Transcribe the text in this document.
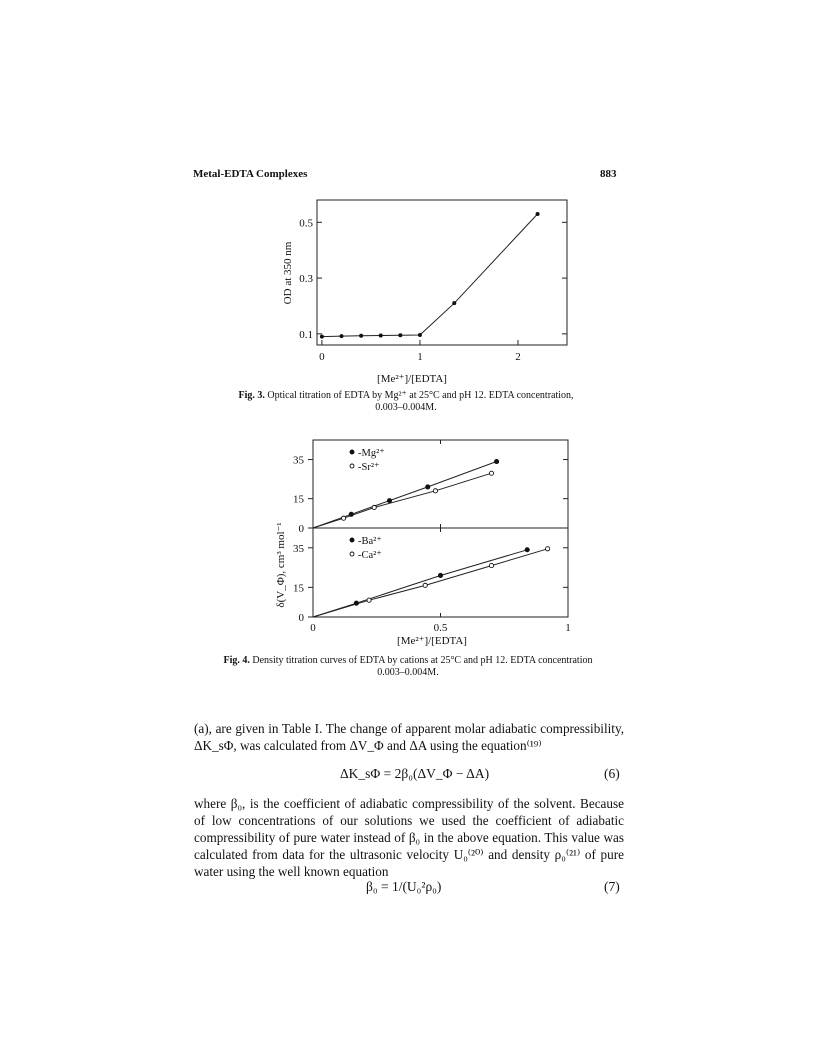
Metal-EDTA Complexes	883
0	1	2
0.1
0.3
0.5
OD at 350 nm
[Me²⁺]/[EDTA]
Fig. 3. Optical titration of EDTA by Mg²⁺ at 25°C and pH 12. EDTA concentration,
0.003–0.004M.
0
15
35
0
15
35
0	0.5	1
-Mg²⁺
-Sr²⁺
-Ba²⁺
-Ca²⁺
δ(V_Φ), cm³ mol⁻¹
[Me²⁺]/[EDTA]
Fig. 4. Density titration curves of EDTA by cations at 25°C and pH 12. EDTA concentration
0.003–0.004M.
(a), are given in Table I. The change of apparent molar adiabatic compressibility, ΔK_sΦ, was calculated from ΔV_Φ and ΔA using the equation⁽¹⁹⁾
ΔK_sΦ = 2β₀(ΔV_Φ − ΔA)	(6)
where β₀, is the coefficient of adiabatic compressibility of the solvent. Because of low concentrations of our solutions we used the coefficient of adiabatic compressibility of pure water instead of β₀ in the above equation. This value was calculated from data for the ultrasonic velocity U₀⁽²⁰⁾ and density ρ₀⁽²¹⁾ of pure water using the well known equation
β₀ = 1/(U₀²ρ₀)	(7)
